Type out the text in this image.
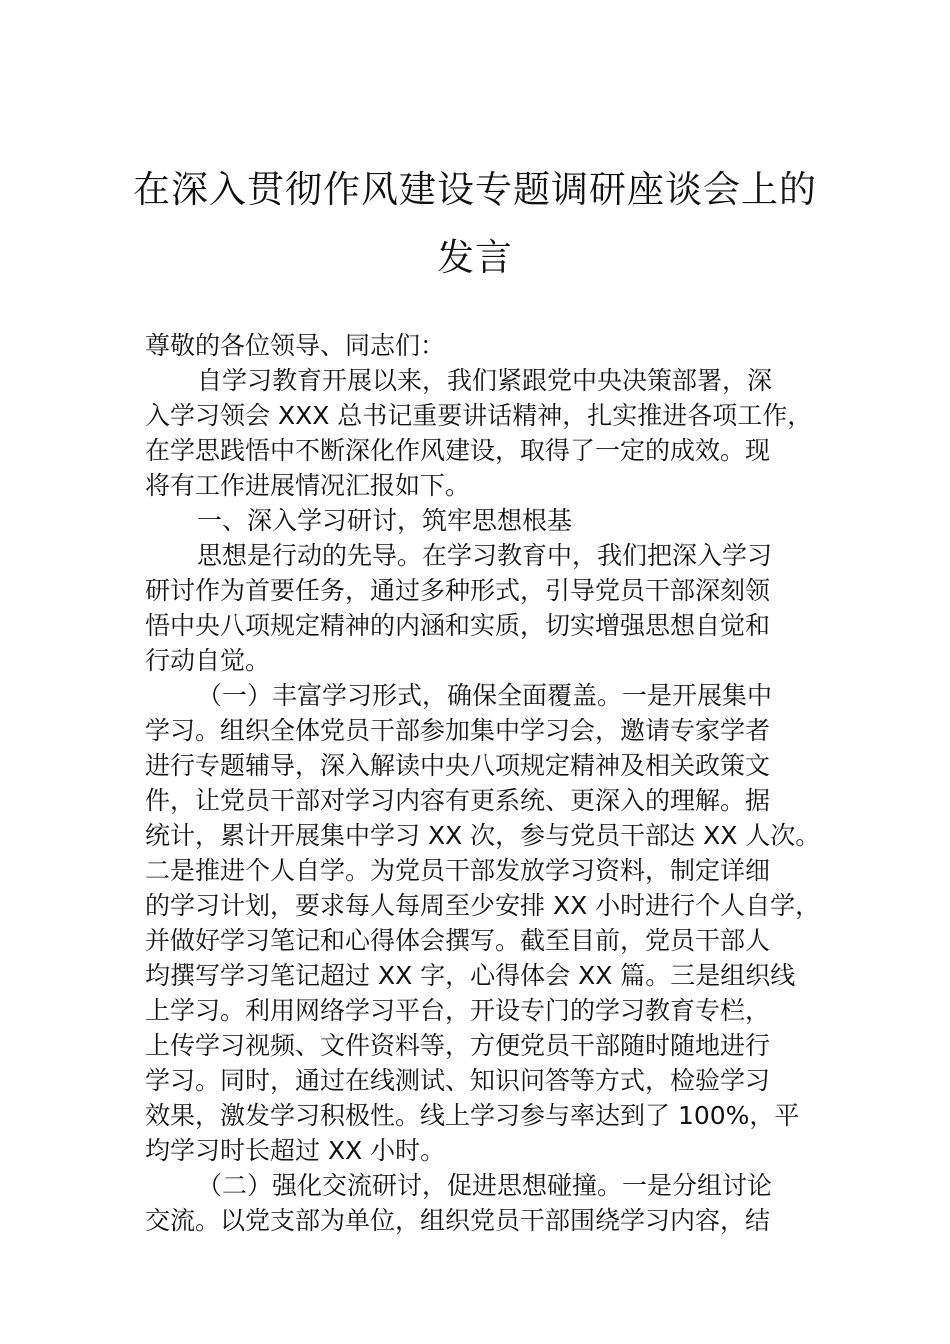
在深入贯彻作风建设专题调研座谈会上的
发言
尊敬的各位领导、同志们：
自学习教育开展以来，我们紧跟党中央决策部署，深
入学习领会 XXX 总书记重要讲话精神，扎实推进各项工作，
在学思践悟中不断深化作风建设，取得了一定的成效。现
将有工作进展情况汇报如下。
一、深入学习研讨，筑牢思想根基
思想是行动的先导。在学习教育中，我们把深入学习
研讨作为首要任务，通过多种形式，引导党员干部深刻领
悟中央八项规定精神的内涵和实质，切实增强思想自觉和
行动自觉。
（一）丰富学习形式，确保全面覆盖。一是开展集中
学习。组织全体党员干部参加集中学习会，邀请专家学者
进行专题辅导，深入解读中央八项规定精神及相关政策文
件，让党员干部对学习内容有更系统、更深入的理解。据
统计，累计开展集中学习 XX 次，参与党员干部达 XX 人次。
二是推进个人自学。为党员干部发放学习资料，制定详细
的学习计划，要求每人每周至少安排 XX 小时进行个人自学，
并做好学习笔记和心得体会撰写。截至目前，党员干部人
均撰写学习笔记超过 XX 字，心得体会 XX 篇。三是组织线
上学习。利用网络学习平台，开设专门的学习教育专栏，
上传学习视频、文件资料等，方便党员干部随时随地进行
学习。同时，通过在线测试、知识问答等方式，检验学习
效果，激发学习积极性。线上学习参与率达到了 100%，平
均学习时长超过 XX 小时。
（二）强化交流研讨，促进思想碰撞。一是分组讨论
交流。以党支部为单位，组织党员干部围绕学习内容，结
